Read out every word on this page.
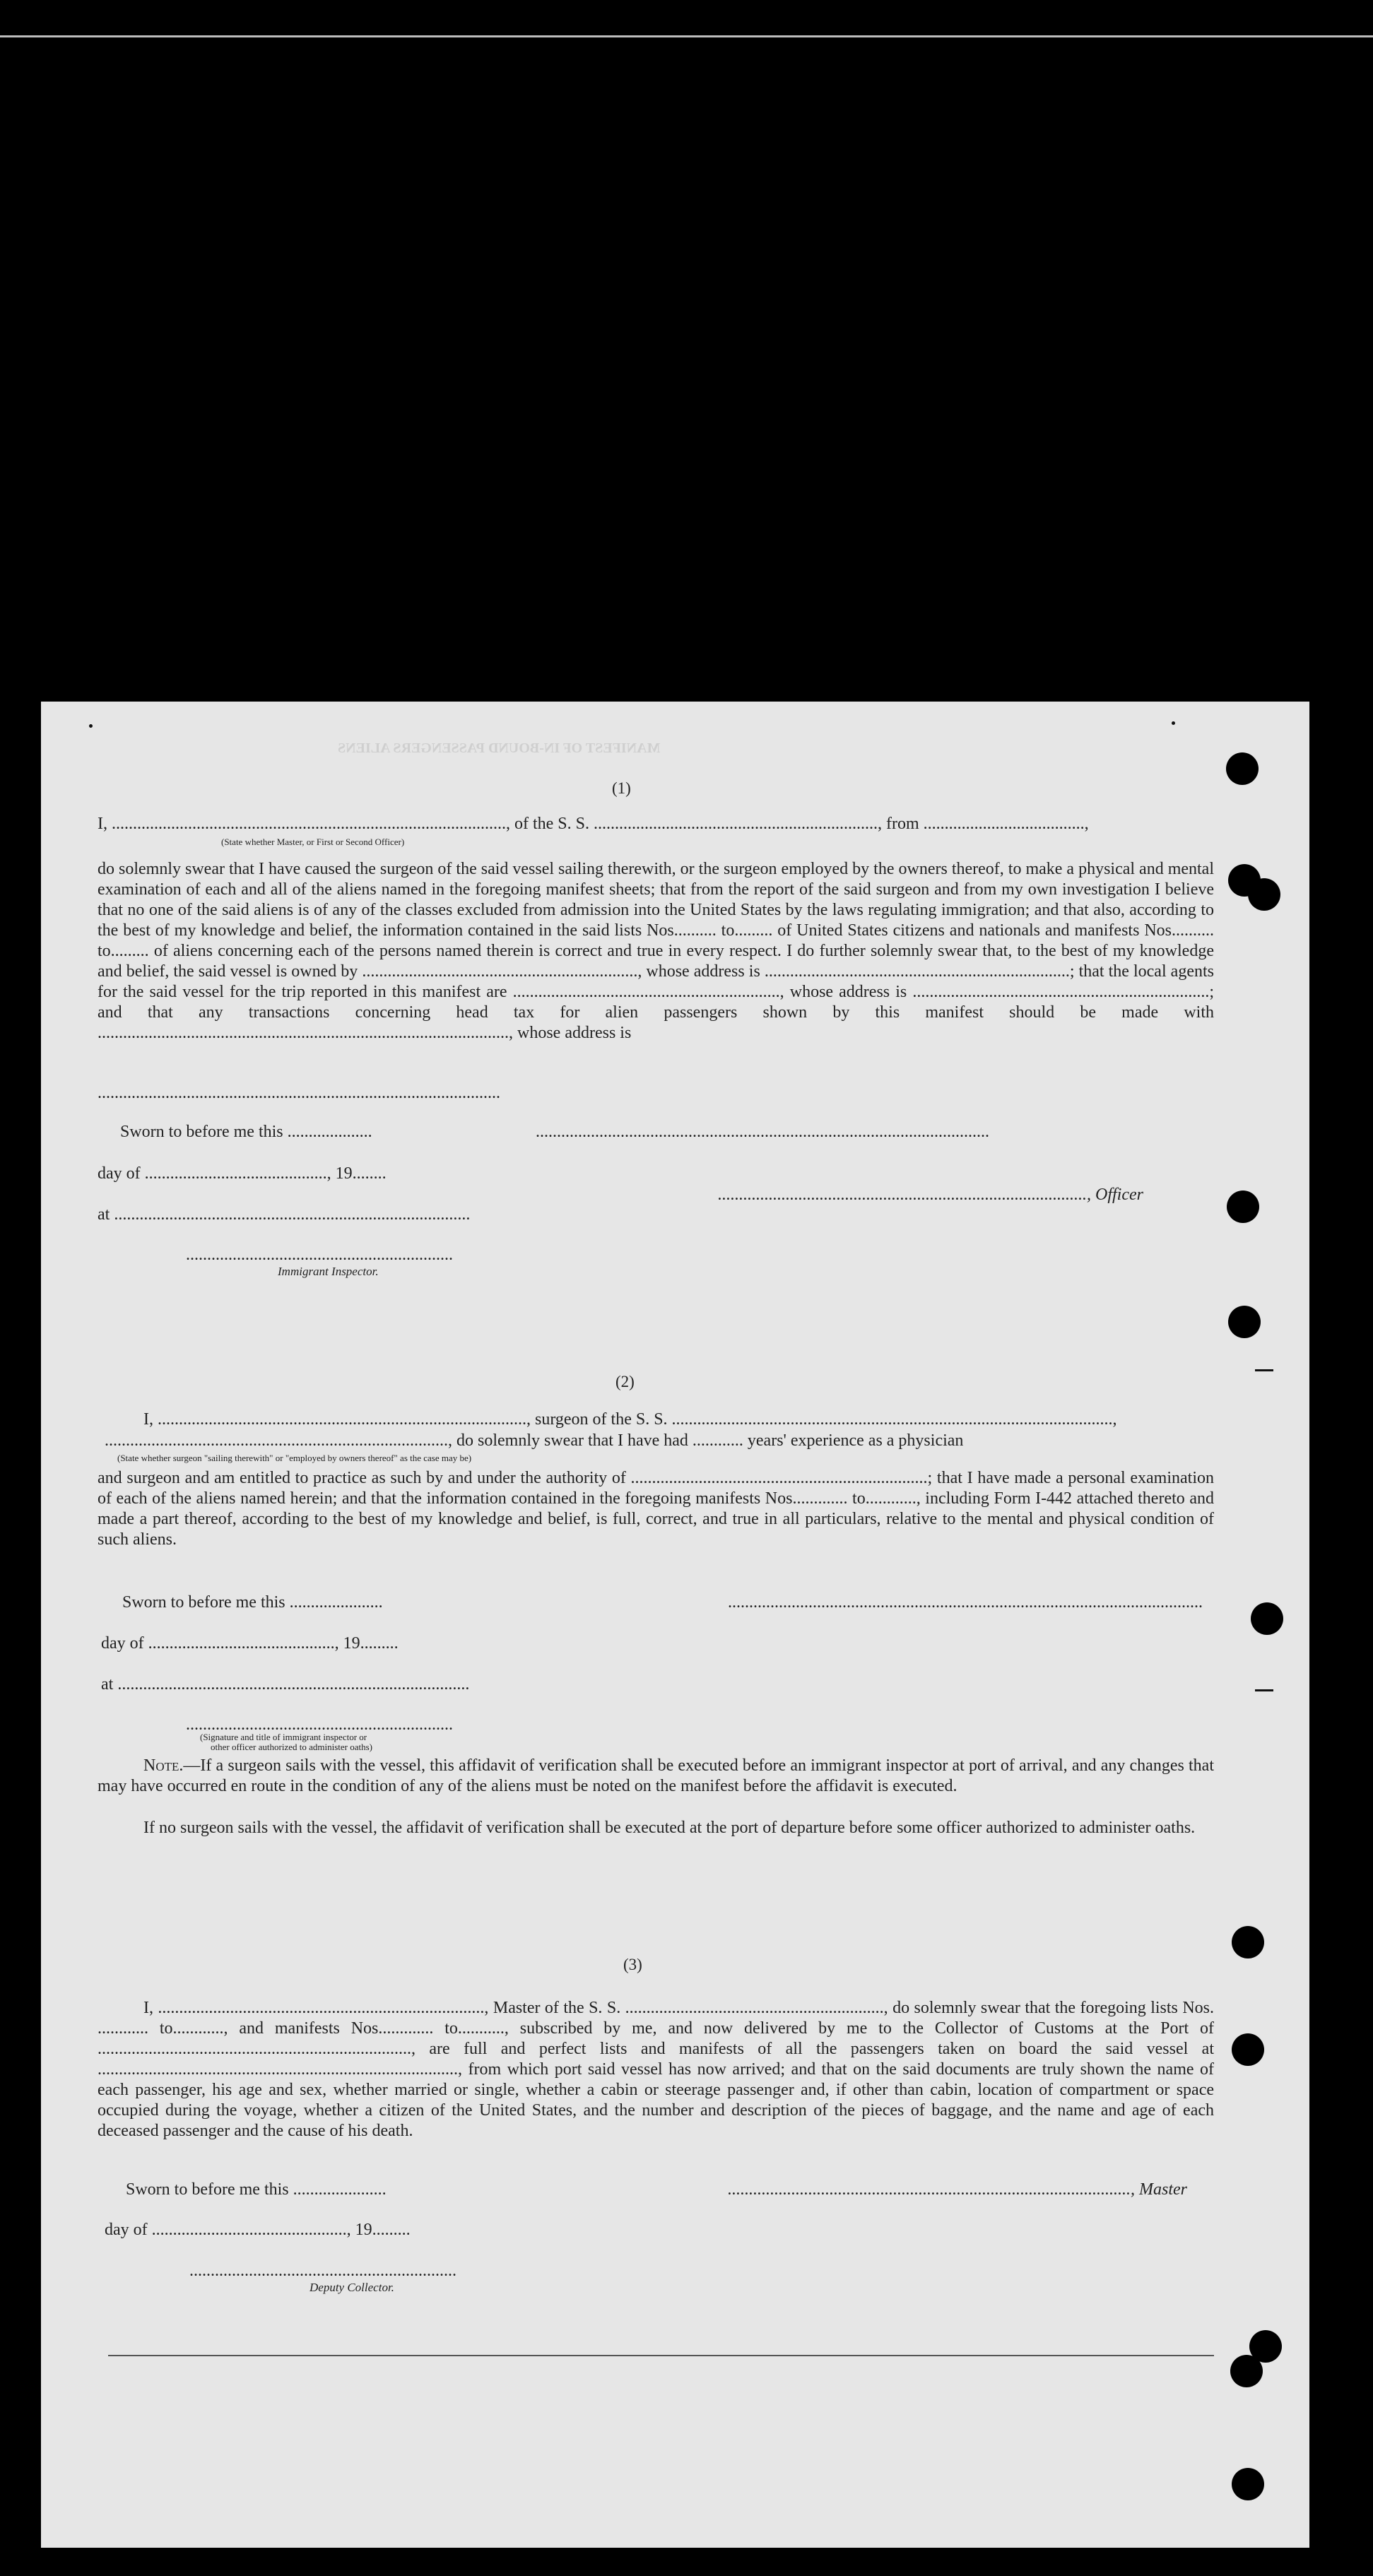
MANIFEST OF IN-BOUND PASSENGERS ALIENS
(1)
I, ............................................................................................., of the S. S. ..................................................................., from ......................................,
(State whether Master, or First or Second Officer)
do solemnly swear that I have caused the surgeon of the said vessel sailing therewith, or the surgeon employed by the owners thereof, to make a physical and mental examination of each and all of the aliens named in the foregoing manifest sheets; that from the report of the said surgeon and from my own investigation I believe that no one of the said aliens is of any of the classes excluded from admission into the United States by the laws regulating immigration; and that also, according to the best of my knowledge and belief, the information contained in the said lists Nos.......... to......... of United States citizens and nationals and manifests Nos.......... to......... of aliens concerning each of the persons named therein is correct and true in every respect. I do further solemnly swear that, to the best of my knowledge and belief, the said vessel is owned by ................................................................., whose address is ........................................................................; that the local agents for the said vessel for the trip reported in this manifest are ..............................................................., whose address is ......................................................................; and that any transactions concerning head tax for alien passengers shown by this manifest should be made with ................................................................................................., whose address is
...............................................................................................
Sworn to before me this ....................	...........................................................................................................
day of ..........................................., 19........
......................................................................................., Officer
at ....................................................................................
...............................................................
Immigrant Inspector.
(2)
I, ......................................................................................., surgeon of the S. S. ........................................................................................................,
................................................................................., do solemnly swear that I have had ............ years' experience as a physician
(State whether surgeon "sailing therewith" or "employed by owners thereof" as the case may be)
and surgeon and am entitled to practice as such by and under the authority of ......................................................................; that I have made a personal examination of each of the aliens named herein; and that the information contained in the foregoing manifests Nos............. to............, including Form I-442 attached thereto and made a part thereof, according to the best of my knowledge and belief, is full, correct, and true in all particulars, relative to the mental and physical condition of such aliens.
Sworn to before me this ......................	................................................................................................................
day of ............................................, 19.........
at ...................................................................................
...............................................................
(Signature and title of immigrant inspector or
other officer authorized to administer oaths)
Note.—If a surgeon sails with the vessel, this affidavit of verification shall be executed before an immigrant inspector at port of arrival, and any changes that may have occurred en route in the condition of any of the aliens must be noted on the manifest before the affidavit is executed.
If no surgeon sails with the vessel, the affidavit of verification shall be executed at the port of departure before some officer authorized to administer oaths.
(3)
I, ............................................................................., Master of the S. S. ............................................................., do solemnly swear that the foregoing lists Nos. ............ to............, and manifests Nos............. to..........., subscribed by me, and now delivered by me to the Collector of Customs at the Port of .........................................................................., are full and perfect lists and manifests of all the passengers taken on board the said vessel at ....................................................................................., from which port said vessel has now arrived; and that on the said documents are truly shown the name of each passenger, his age and sex, whether married or single, whether a cabin or steerage passenger and, if other than cabin, location of compartment or space occupied during the voyage, whether a citizen of the United States, and the number and description of the pieces of baggage, and the name and age of each deceased passenger and the cause of his death.
Sworn to before me this ......................	..............................................................................................., Master
day of .............................................., 19.........
...............................................................
Deputy Collector.
